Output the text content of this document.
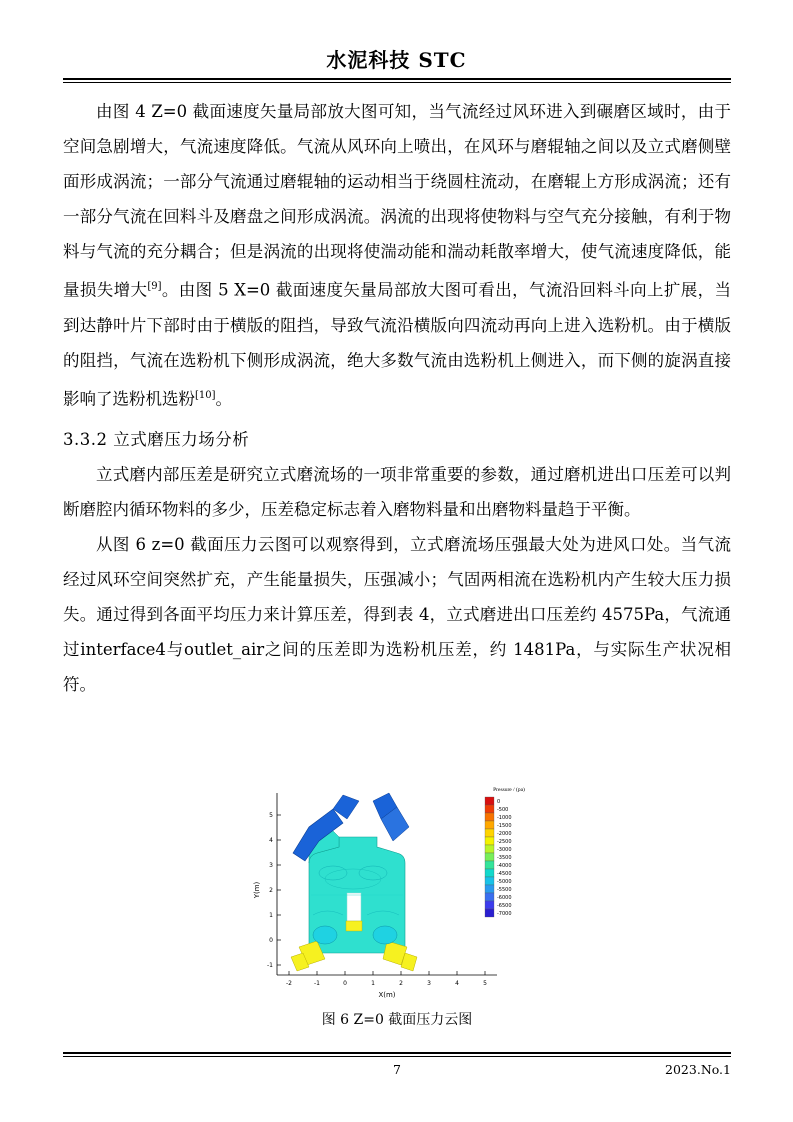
水泥科技 STC

由图 4 Z=0 截面速度矢量局部放大图可知，当气流经过风环进入到碾磨区域时，由于空间急剧增大，气流速度降低。气流从风环向上喷出，在风环与磨辊轴之间以及立式磨侧壁面形成涡流；一部分气流通过磨辊轴的运动相当于绕圆柱流动，在磨辊上方形成涡流；还有一部分气流在回料斗及磨盘之间形成涡流。涡流的出现将使物料与空气充分接触，有利于物料与气流的充分耦合；但是涡流的出现将使湍动能和湍动耗散率增大，使气流速度降低，能量损失增大[9]。由图 5 X=0 截面速度矢量局部放大图可看出，气流沿回料斗向上扩展，当到达静叶片下部时由于横版的阻挡，导致气流沿横版向四流动再向上进入选粉机。由于横版的阻挡，气流在选粉机下侧形成涡流，绝大多数气流由选粉机上侧进入，而下侧的旋涡直接影响了选粉机选粉[10]。

3.3.2 立式磨压力场分析

立式磨内部压差是研究立式磨流场的一项非常重要的参数，通过磨机进出口压差可以判断磨腔内循环物料的多少，压差稳定标志着入磨物料量和出磨物料量趋于平衡。

从图 6 z=0 截面压力云图可以观察得到，立式磨流场压强最大处为进风口处。当气流经过风环空间突然扩充，产生能量损失，压强减小；气固两相流在选粉机内产生较大压力损失。通过得到各面平均压力来计算压差，得到表 4，立式磨进出口压差约 4575Pa，气流通过interface4与outlet_air之间的压差即为选粉机压差，约 1481Pa，与实际生产状况相符。

-2	-1	0	1	2	3	4	5
-1
0
1
2
3
4
5
X(m)
Y(m)
Pressure / (pa)
0
-500
-1000
-1500
-2000
-2500
-3000
-3500
-4000
-4500
-5000
-5500
-6000
-6500
-7000
图 6 Z=0 截面压力云图
7	2023.No.1
